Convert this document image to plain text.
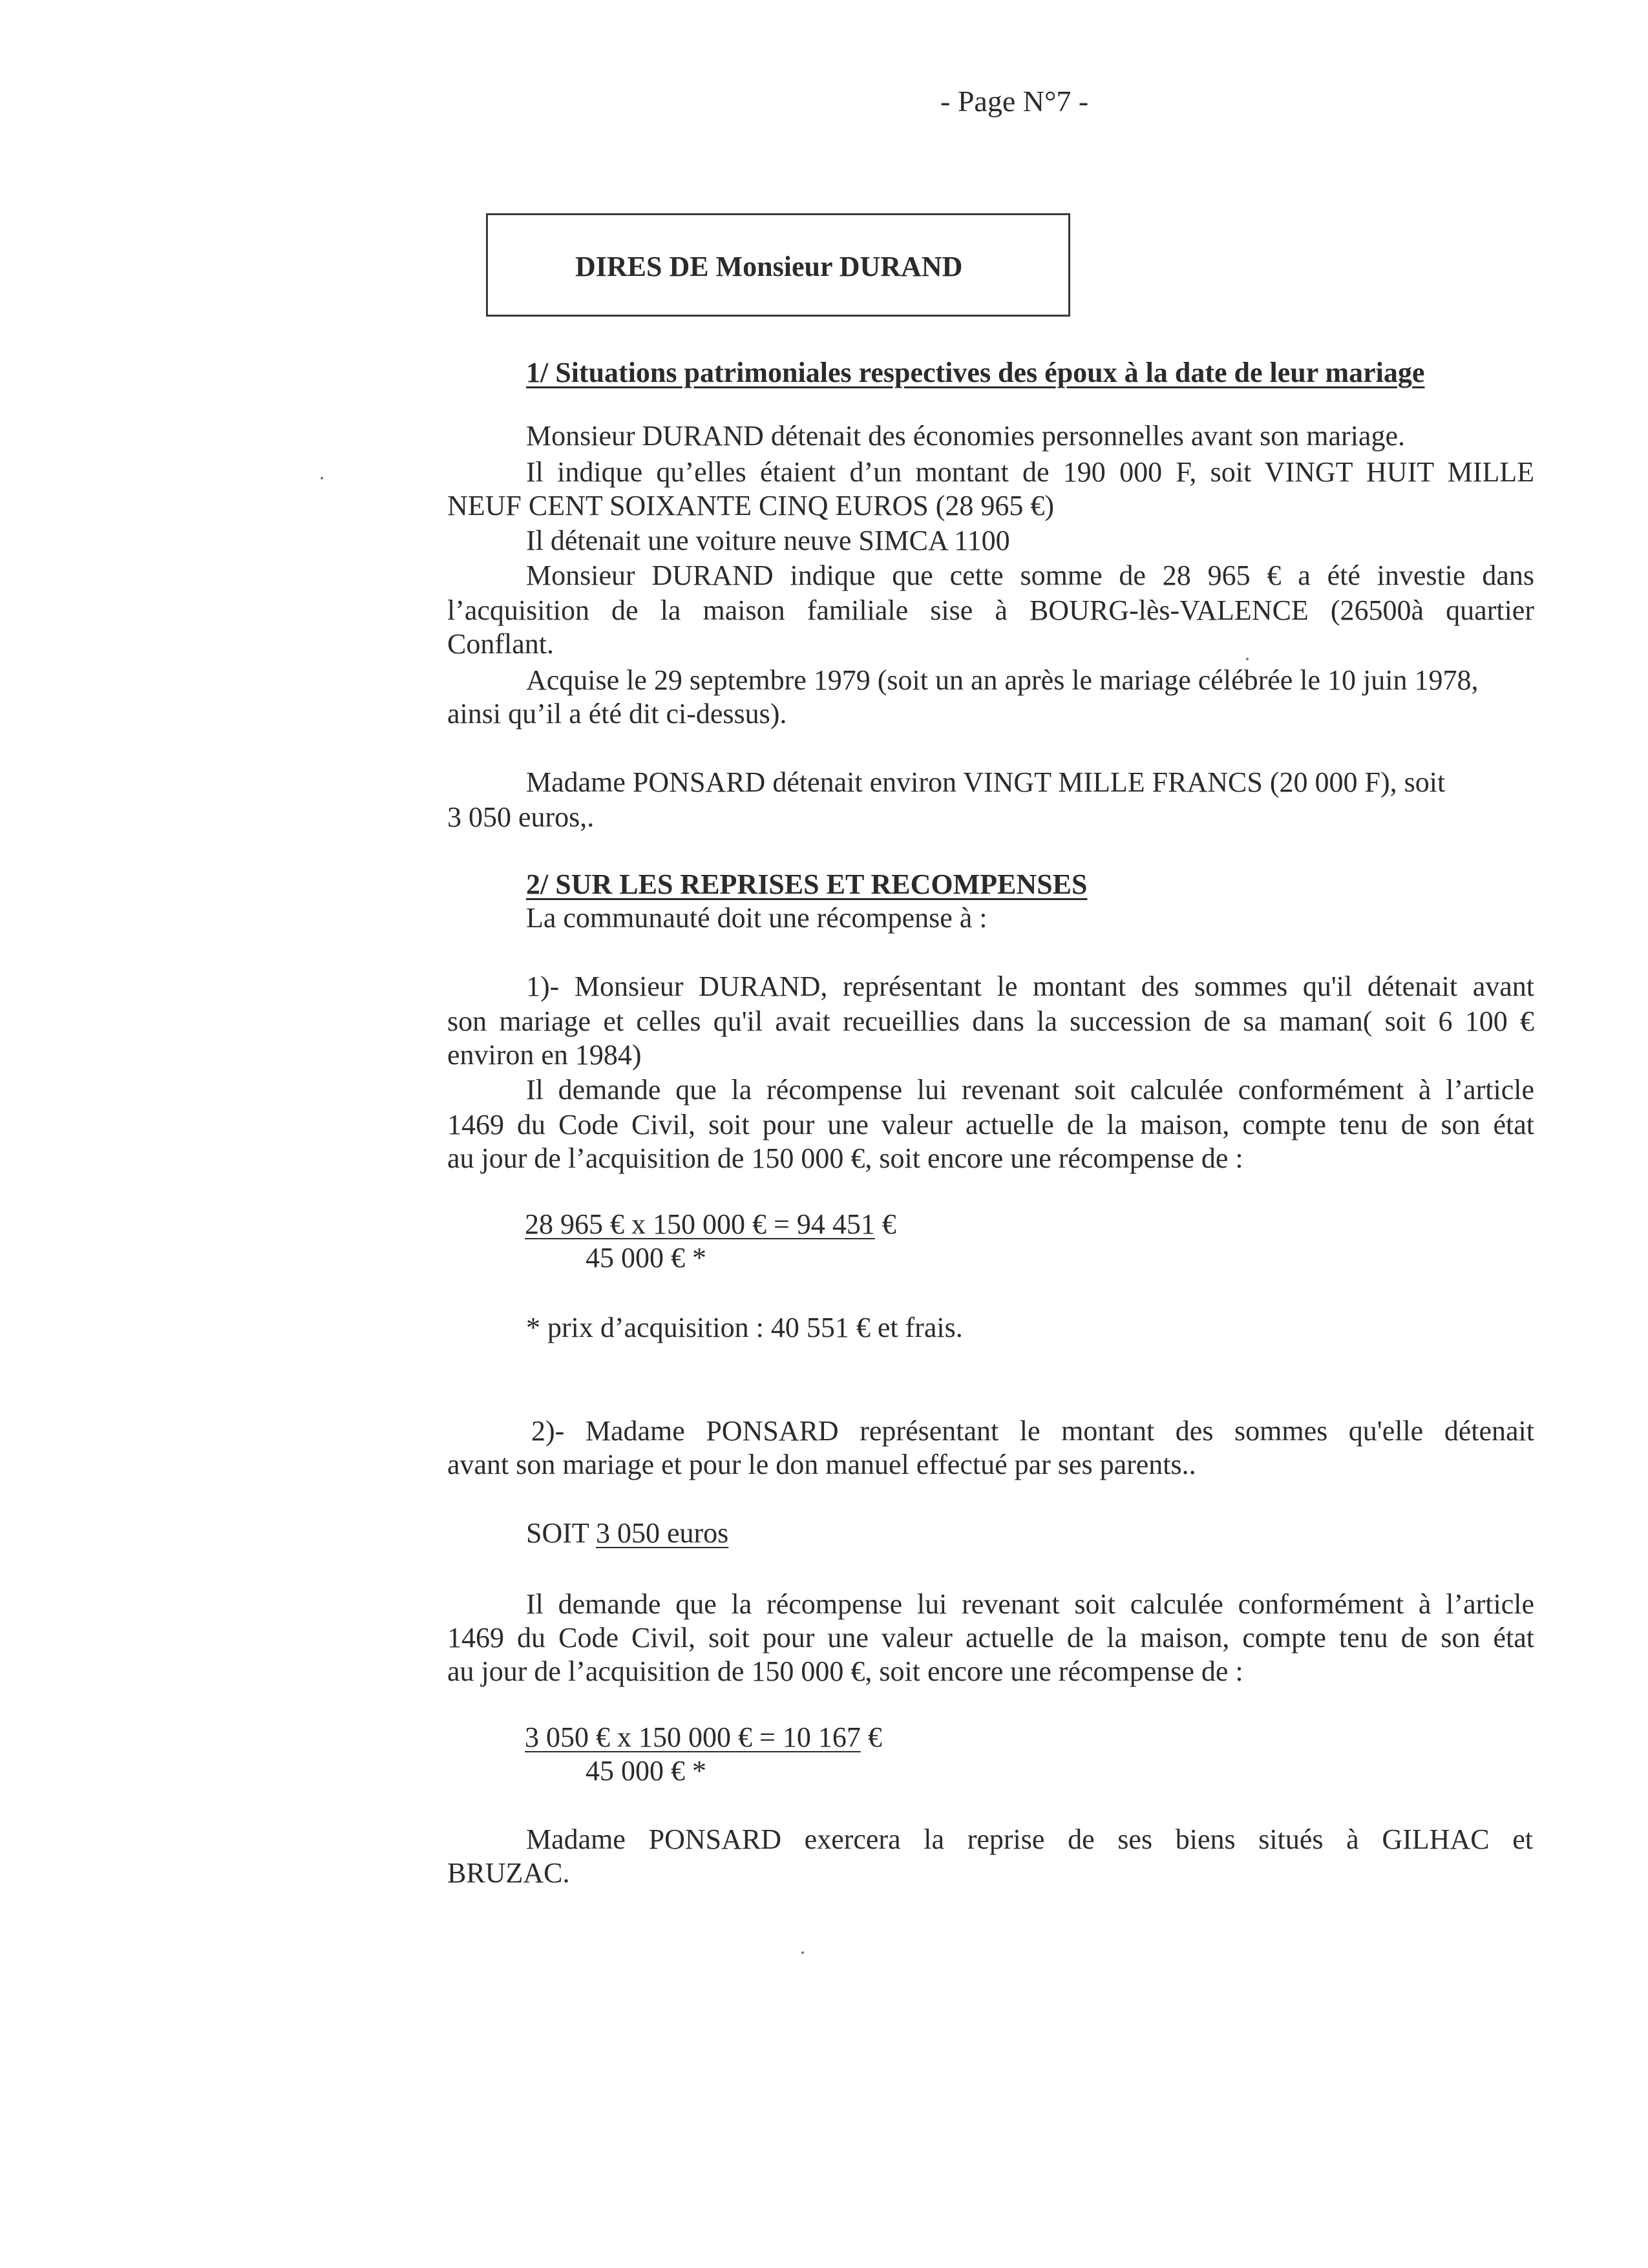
- Page N°7 -
DIRES DE Monsieur DURAND
1/ Situations patrimoniales respectives des époux à la date de leur mariage
Monsieur DURAND détenait des économies personnelles avant son mariage.
Il indique qu’elles étaient d’un montant de 190 000 F, soit VINGT HUIT MILLE
NEUF CENT SOIXANTE CINQ EUROS (28 965 €)
Il détenait une voiture neuve SIMCA 1100
Monsieur DURAND indique que cette somme de 28 965 € a été investie dans
l’acquisition de la maison familiale sise à BOURG-lès-VALENCE (26500à quartier
Conflant.
Acquise le 29 septembre 1979 (soit un an après le mariage célébrée le 10 juin 1978,
ainsi qu’il a été dit ci-dessus).
Madame PONSARD détenait environ VINGT MILLE FRANCS (20 000 F), soit
3 050 euros,.
2/ SUR LES REPRISES ET RECOMPENSES
La communauté doit une récompense à :
1)- Monsieur DURAND, représentant le montant des sommes qu'il détenait avant
son mariage et celles qu'il avait recueillies dans la succession de sa maman( soit 6 100 €
environ en 1984)
Il demande que la récompense lui revenant soit calculée conformément à l’article
1469 du Code Civil, soit pour une valeur actuelle de la maison, compte tenu de son état
au jour de l’acquisition de 150 000 €, soit encore une récompense de :
28 965 € x 150 000 € = 94 451 €
45 000 € *
* prix d’acquisition : 40 551 € et frais.
2)- Madame PONSARD représentant le montant des sommes qu'elle détenait
avant son mariage et pour le don manuel effectué par ses parents..
SOIT 3 050 euros
Il demande que la récompense lui revenant soit calculée conformément à l’article
1469 du Code Civil, soit pour une valeur actuelle de la maison, compte tenu de son état
au jour de l’acquisition de 150 000 €, soit encore une récompense de :
3 050 € x 150 000 € = 10 167 €
45 000 € *
Madame PONSARD exercera la reprise de ses biens situés à GILHAC et
BRUZAC.
